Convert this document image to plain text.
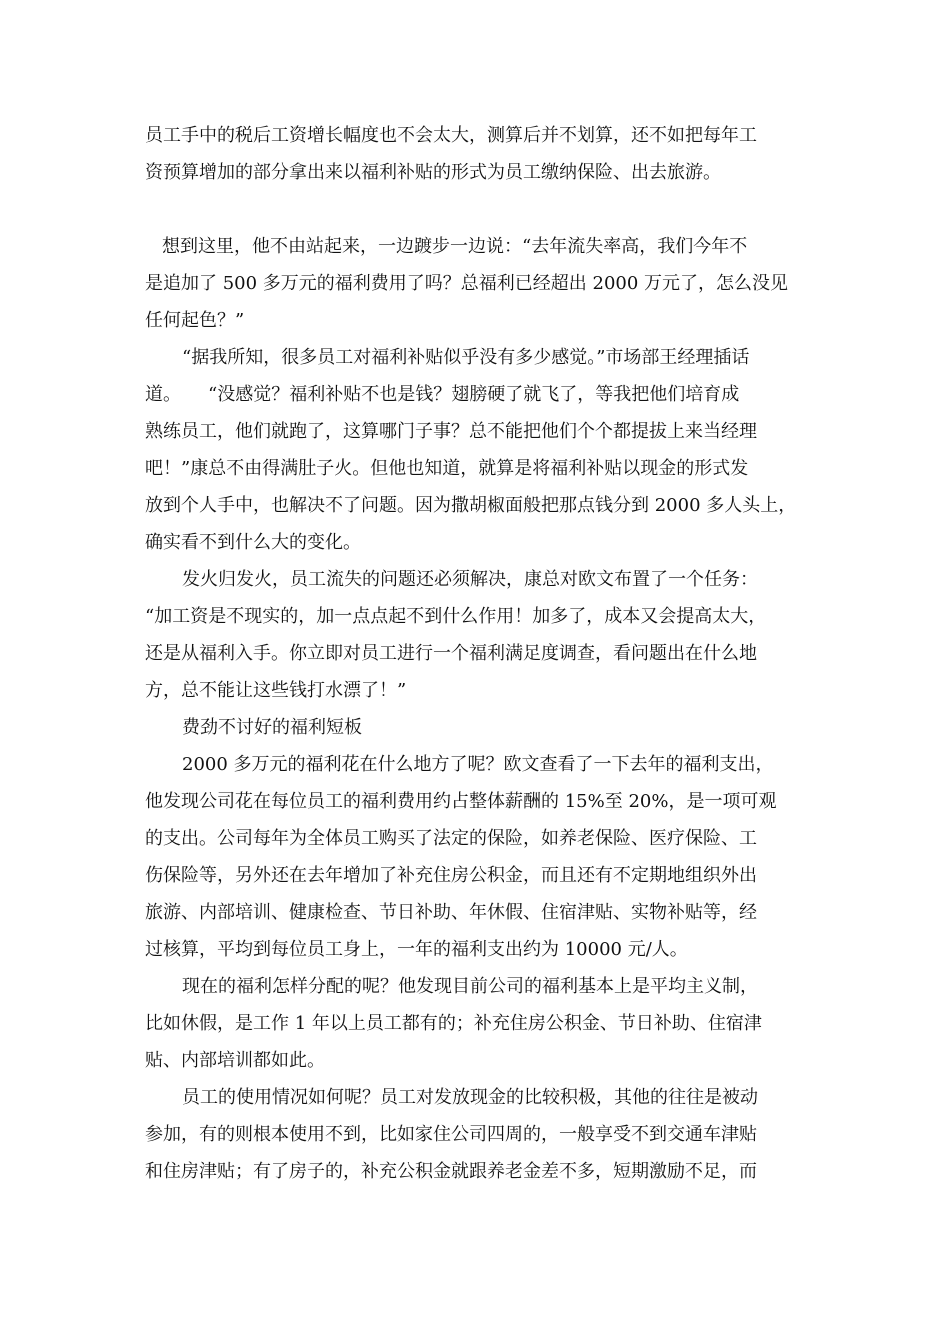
员工手中的税后工资增长幅度也不会太大，测算后并不划算，还不如把每年工
资预算增加的部分拿出来以福利补贴的形式为员工缴纳保险、出去旅游。
想到这里，他不由站起来，一边踱步一边说：“去年流失率高，我们今年不
是追加了 500 多万元的福利费用了吗？总福利已经超出 2000 万元了，怎么没见
任何起色？”
“据我所知，很多员工对福利补贴似乎没有多少感觉。”市场部王经理插话
道。　　“没感觉？福利补贴不也是钱？翅膀硬了就飞了，等我把他们培育成
熟练员工，他们就跑了，这算哪门子事？总不能把他们个个都提拔上来当经理
吧！”康总不由得满肚子火。但他也知道，就算是将福利补贴以现金的形式发
放到个人手中，也解决不了问题。因为撒胡椒面般把那点钱分到 2000 多人头上，
确实看不到什么大的变化。
发火归发火，员工流失的问题还必须解决，康总对欧文布置了一个任务：
“加工资是不现实的，加一点点起不到什么作用！加多了，成本又会提高太大，
还是从福利入手。你立即对员工进行一个福利满足度调查，看问题出在什么地
方，总不能让这些钱打水漂了！”
费劲不讨好的福利短板
2000 多万元的福利花在什么地方了呢？欧文查看了一下去年的福利支出，
他发现公司花在每位员工的福利费用约占整体薪酬的 15%至 20%，是一项可观
的支出。公司每年为全体员工购买了法定的保险，如养老保险、医疗保险、工
伤保险等，另外还在去年增加了补充住房公积金，而且还有不定期地组织外出
旅游、内部培训、健康检查、节日补助、年休假、住宿津贴、实物补贴等，经
过核算，平均到每位员工身上，一年的福利支出约为 10000 元/人。
现在的福利怎样分配的呢？他发现目前公司的福利基本上是平均主义制，
比如休假，是工作 1 年以上员工都有的；补充住房公积金、节日补助、住宿津
贴、内部培训都如此。
员工的使用情况如何呢？员工对发放现金的比较积极，其他的往往是被动
参加，有的则根本使用不到，比如家住公司四周的，一般享受不到交通车津贴
和住房津贴；有了房子的，补充公积金就跟养老金差不多，短期激励不足，而
